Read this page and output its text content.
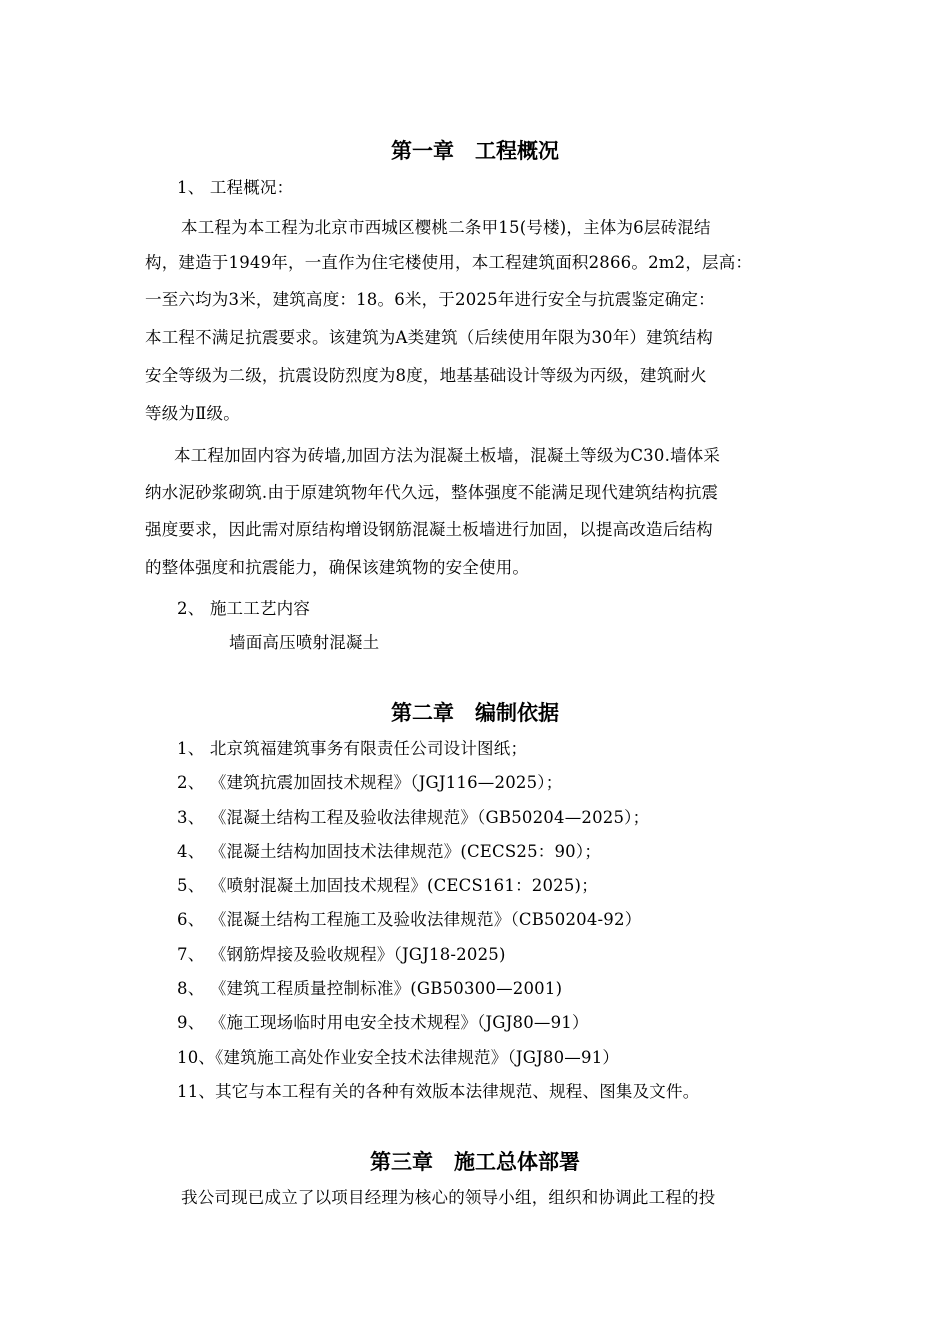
第一章　工程概况
1、 工程概况：
本工程为本工程为北京市西城区樱桃二条甲15(号楼)，主体为6层砖混结
构，建造于1949年，一直作为住宅楼使用，本工程建筑面积2866。2m2，层高：
一至六均为3米，建筑高度：18。6米，于2025年进行安全与抗震鉴定确定：
本工程不满足抗震要求。该建筑为A类建筑（后续使用年限为30年）建筑结构
安全等级为二级，抗震设防烈度为8度，地基基础设计等级为丙级，建筑耐火
等级为Ⅱ级。
本工程加固内容为砖墙,加固方法为混凝土板墙，混凝土等级为C30.墙体采
纳水泥砂浆砌筑.由于原建筑物年代久远，整体强度不能满足现代建筑结构抗震
强度要求，因此需对原结构增设钢筋混凝土板墙进行加固，以提高改造后结构
的整体强度和抗震能力，确保该建筑物的安全使用。
2、 施工工艺内容
墙面高压喷射混凝土
第二章　编制依据
1、 北京筑福建筑事务有限责任公司设计图纸；
2、 《建筑抗震加固技术规程》（JGJ116—2025）；
3、 《混凝土结构工程及验收法律规范》（GB50204—2025）；
4、 《混凝土结构加固技术法律规范》(CECS25：90）；
5、 《喷射混凝土加固技术规程》(CECS161：2025)；
6、 《混凝土结构工程施工及验收法律规范》（CB50204-92）
7、 《钢筋焊接及验收规程》（JGJ18-2025)
8、 《建筑工程质量控制标准》(GB50300—2001)
9、 《施工现场临时用电安全技术规程》（JGJ80—91）
10、《建筑施工高处作业安全技术法律规范》（JGJ80—91）
11、其它与本工程有关的各种有效版本法律规范、规程、图集及文件。
第三章　施工总体部署
我公司现已成立了以项目经理为核心的领导小组，组织和协调此工程的投
